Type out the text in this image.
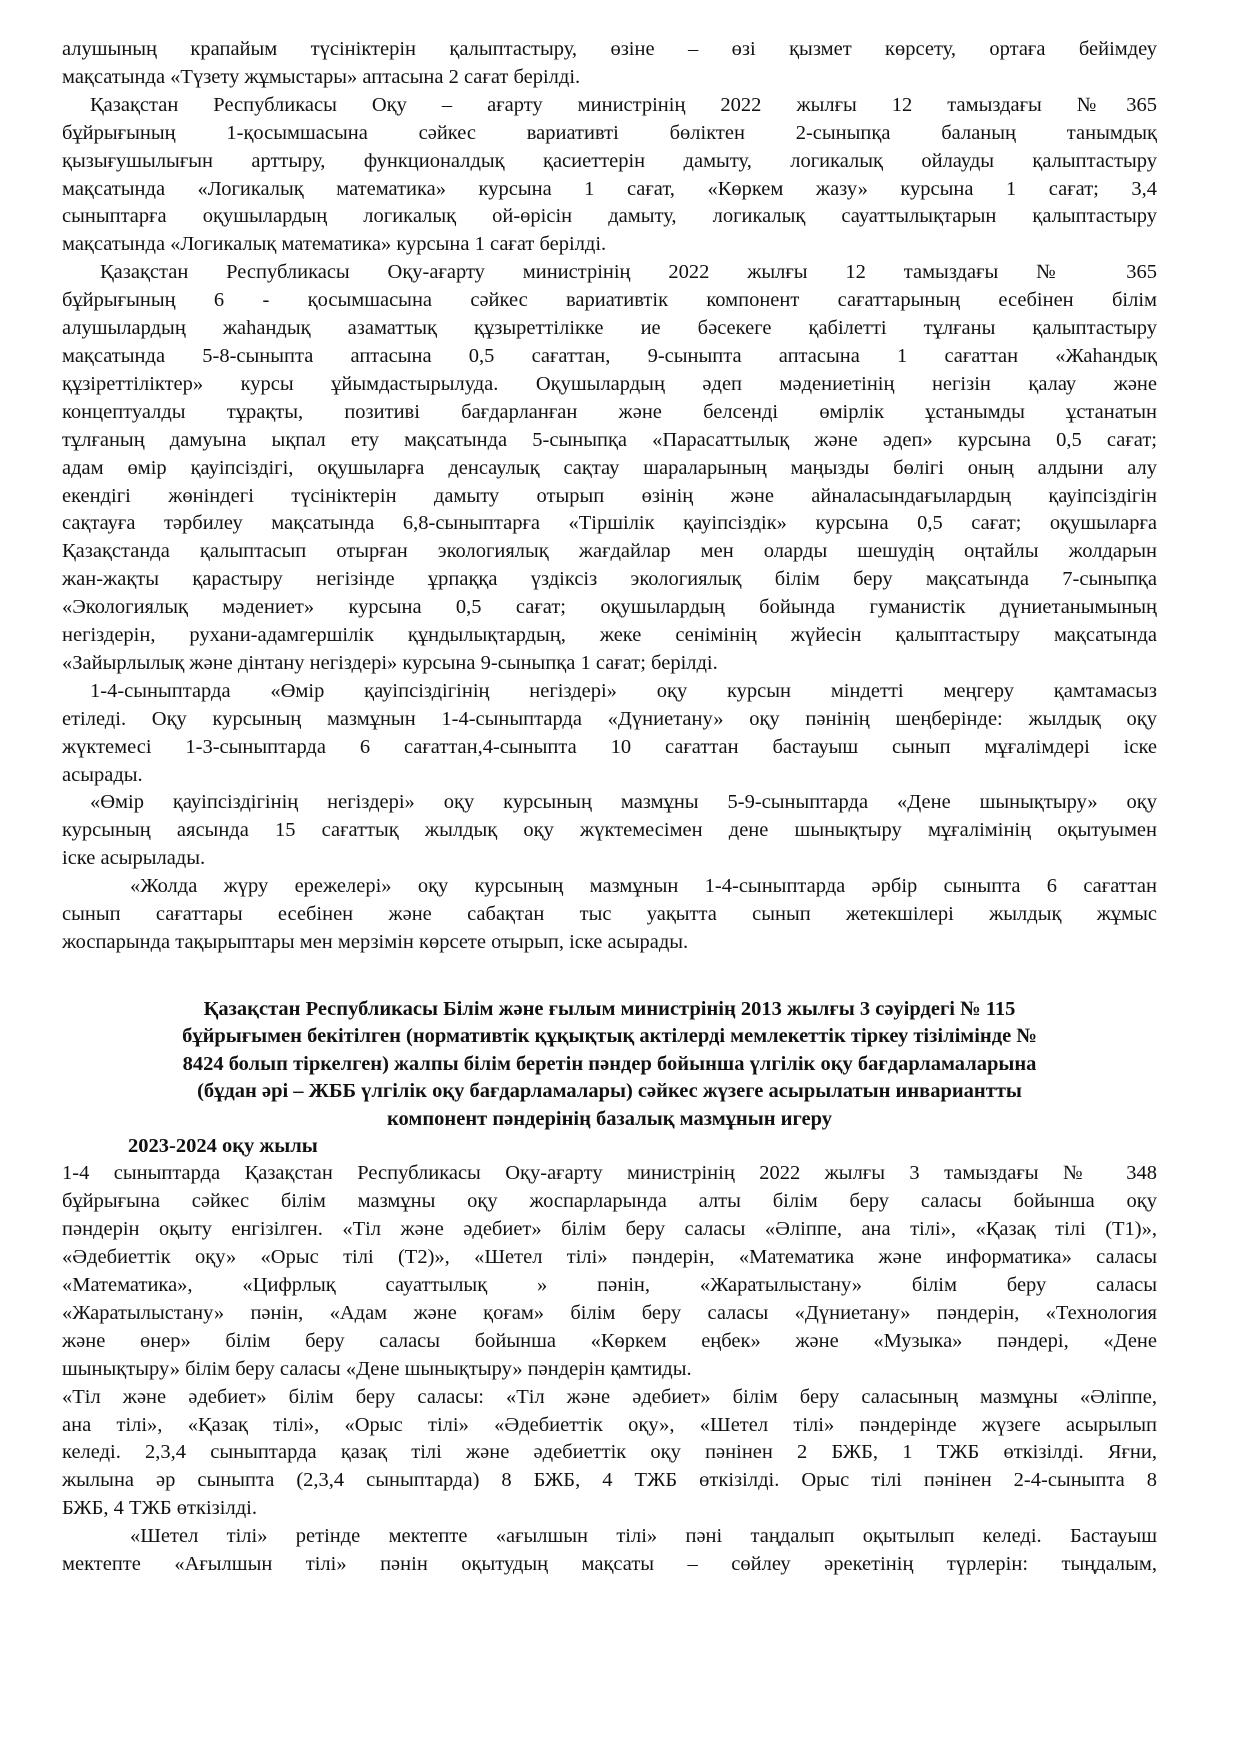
алушының крапайым түсініктерін қалыптастыру, өзіне – өзі қызмет көрсету, ортаға бейімдеу
мақсатында «Түзету жұмыстары» аптасына 2 сағат берілді.

Қазақстан Республикасы Оқу – ағарту министрінің 2022 жылғы 12 тамыздағы №365
бұйрығының 1-қосымшасына сәйкес вариативті бөліктен 2-сыныпқа баланың танымдық
қызығушылығын арттыру, функционалдық қасиеттерін дамыту, логикалық ойлауды қалыптастыру
мақсатында «Логикалық математика» курсына 1 сағат, «Көркем жазу» курсына 1 сағат; 3,4
сыныптарға оқушылардың логикалық ой-өрісін дамыту, логикалық сауаттылықтарын қалыптастыру
мақсатында «Логикалық математика» курсына 1 сағат берілді.

Қазақстан Республикасы Оқу-ағарту министрінің 2022 жылғы 12 тамыздағы № 365
бұйрығының 6 - қосымшасына сәйкес вариативтік компонент сағаттарының есебінен білім
алушылардың жаһандық азаматтық құзыреттілікке ие бәсекеге қабілетті тұлғаны қалыптастыру
мақсатында 5-8-сыныпта аптасына 0,5 сағаттан, 9-сыныпта аптасына 1 сағаттан «Жаһандық
құзіреттіліктер» курсы ұйымдастырылуда. Оқушылардың әдеп мәдениетінің негізін қалау және
концептуалды тұрақты, позитиві бағдарланған және белсенді өмірлік ұстанымды ұстанатын
тұлғаның дамуына ықпал ету мақсатында 5-сыныпқа «Парасаттылық және әдеп» курсына 0,5 сағат;
адам өмір қауіпсіздігі, оқушыларға денсаулық сақтау шараларының маңызды бөлігі оның алдыни алу
екендігі жөніндегі түсініктерін дамыту отырып өзінің және айналасындағылардың қауіпсіздігін
сақтауға тәрбилеу мақсатында 6,8-сыныптарға «Тіршілік қауіпсіздік» курсына 0,5 сағат; оқушыларға
Қазақстанда қалыптасып отырған экологиялық жағдайлар мен оларды шешудің оңтайлы жолдарын
жан-жақты қарастыру негізінде ұрпаққа үздіксіз экологиялық білім беру мақсатында 7-сыныпқа
«Экологиялық мәдениет» курсына 0,5 сағат; оқушылардың бойында гуманистік дүниетанымының
негіздерін, рухани-адамгершілік құндылықтардың, жеке сенімінің жүйесін қалыптастыру мақсатында
«Зайырлылық және дінтану негіздері» курсына 9-сыныпқа 1 сағат; берілді.

1-4-сыныптарда «Өмір қауіпсіздігінің негіздері» оқу курсын міндетті меңгеру қамтамасыз
етіледі. Оқу курсының мазмұнын 1-4-сыныптарда «Дүниетану» оқу пәнінің шеңберінде: жылдық оқу
жүктемесі 1-3-сыныптарда 6 сағаттан,4-сыныпта 10 сағаттан бастауыш сынып мұғалімдері іске
асырады.

«Өмір қауіпсіздігінің негіздері» оқу курсының мазмұны 5-9-сыныптарда «Дене шынықтыру» оқу
курсының аясында 15 сағаттық жылдық оқу жүктемесімен дене шынықтыру мұғалімінің оқытуымен
іске асырылады.

«Жолда жүру ережелері» оқу курсының мазмұнын 1-4-сыныптарда әрбір сыныпта 6 сағаттан
сынып сағаттары есебінен және сабақтан тыс уақытта сынып жетекшілері жылдық жұмыс
жоспарында тақырыптары мен мерзімін көрсете отырып, іске асырады.

Қазақстан Республикасы Білім және ғылым министрінің 2013 жылғы 3 сәуірдегі № 115
бұйрығымен бекітілген (нормативтік құқықтық актілерді мемлекеттік тіркеу тізілімінде №
8424 болып тіркелген) жалпы білім беретін пәндер бойынша үлгілік оқу бағдарламаларына
(бұдан әрі – ЖББ үлгілік оқу бағдарламалары) сәйкес жүзеге асырылатын инвариантты
компонент пәндерінің базалық мазмұнын игеру

2023-2024 оқу жылы

1-4 сыныптарда Қазақстан Республикасы Оқу-ағарту министрінің 2022 жылғы 3 тамыздағы № 348
бұйрығына сәйкес білім мазмұны оқу жоспарларында алты білім беру саласы бойынша оқу
пәндерін оқыту енгізілген. «Тіл және әдебиет» білім беру саласы «Әліппе, ана тілі», «Қазақ тілі (Т1)»,
«Әдебиеттік оқу» «Орыс тілі (Т2)», «Шетел тілі» пәндерін, «Математика және информатика» саласы
«Математика», «Цифрлық сауаттылық » пәнін, «Жаратылыстану» білім беру саласы
«Жаратылыстану» пәнін, «Адам және қоғам» білім беру саласы «Дүниетану» пәндерін, «Технология
және өнер» білім беру саласы бойынша «Көркем еңбек» және «Музыка» пәндері, «Дене
шынықтыру» білім беру саласы «Дене шынықтыру» пәндерін қамтиды.

«Тіл және әдебиет» білім беру саласы: «Тіл және әдебиет» білім беру саласының мазмұны «Әліппе,
ана тілі», «Қазақ тілі», «Орыс тілі» «Әдебиеттік оқу», «Шетел тілі» пәндерінде жүзеге асырылып
келеді. 2,3,4 сыныптарда қазақ тілі және әдебиеттік оқу пәнінен 2 БЖБ, 1 ТЖБ өткізілді. Яғни,
жылына әр сыныпта (2,3,4 сыныптарда) 8 БЖБ, 4 ТЖБ өткізілді. Орыс тілі пәнінен 2-4-сыныпта 8
БЖБ, 4 ТЖБ өткізілді.

«Шетел тілі» ретінде мектепте «ағылшын тілі» пәні таңдалып оқытылып келеді. Бастауыш
мектепте «Ағылшын тілі» пәнін оқытудың мақсаты – сөйлеу әрекетінің түрлерін: тыңдалым,
